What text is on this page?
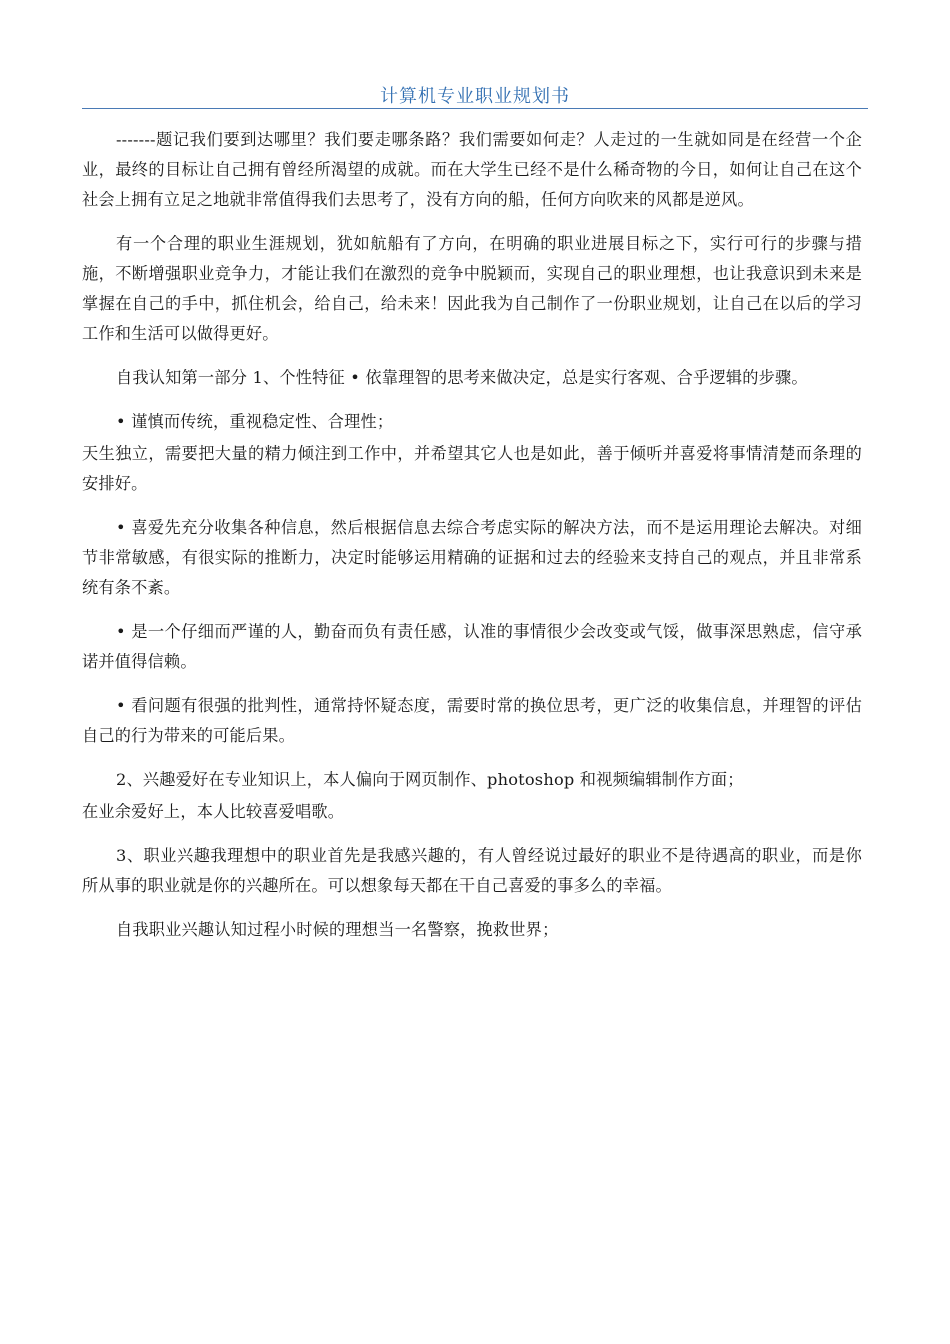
计算机专业职业规划书

-------题记我们要到达哪里？我们要走哪条路？我们需要如何走？人走过的一生就如同是在经营一个企业，最终的目标让自己拥有曾经所渴望的成就。而在大学生已经不是什么稀奇物的今日，如何让自己在这个社会上拥有立足之地就非常值得我们去思考了，没有方向的船，任何方向吹来的风都是逆风。

有一个合理的职业生涯规划，犹如航船有了方向，在明确的职业进展目标之下，实行可行的步骤与措施，不断增强职业竞争力，才能让我们在激烈的竞争中脱颖而，实现自己的职业理想，也让我意识到未来是掌握在自己的手中，抓住机会，给自己，给未来！因此我为自己制作了一份职业规划，让自己在以后的学习工作和生活可以做得更好。

自我认知第一部分 1、个性特征 • 依靠理智的思考来做决定，总是实行客观、合乎逻辑的步骤。

• 谨慎而传统，重视稳定性、合理性；

天生独立，需要把大量的精力倾注到工作中，并希望其它人也是如此，善于倾听并喜爱将事情清楚而条理的安排好。

• 喜爱先充分收集各种信息，然后根据信息去综合考虑实际的解决方法，而不是运用理论去解决。对细节非常敏感，有很实际的推断力，决定时能够运用精确的证据和过去的经验来支持自己的观点，并且非常系统有条不紊。

• 是一个仔细而严谨的人，勤奋而负有责任感，认准的事情很少会改变或气馁，做事深思熟虑，信守承诺并值得信赖。

• 看问题有很强的批判性，通常持怀疑态度，需要时常的换位思考，更广泛的收集信息，并理智的评估自己的行为带来的可能后果。

2、兴趣爱好在专业知识上，本人偏向于网页制作、photoshop 和视频编辑制作方面；

在业余爱好上，本人比较喜爱唱歌。

3、职业兴趣我理想中的职业首先是我感兴趣的，有人曾经说过最好的职业不是待遇高的职业，而是你所从事的职业就是你的兴趣所在。可以想象每天都在干自己喜爱的事多么的幸福。

自我职业兴趣认知过程小时候的理想当一名警察，挽救世界；
